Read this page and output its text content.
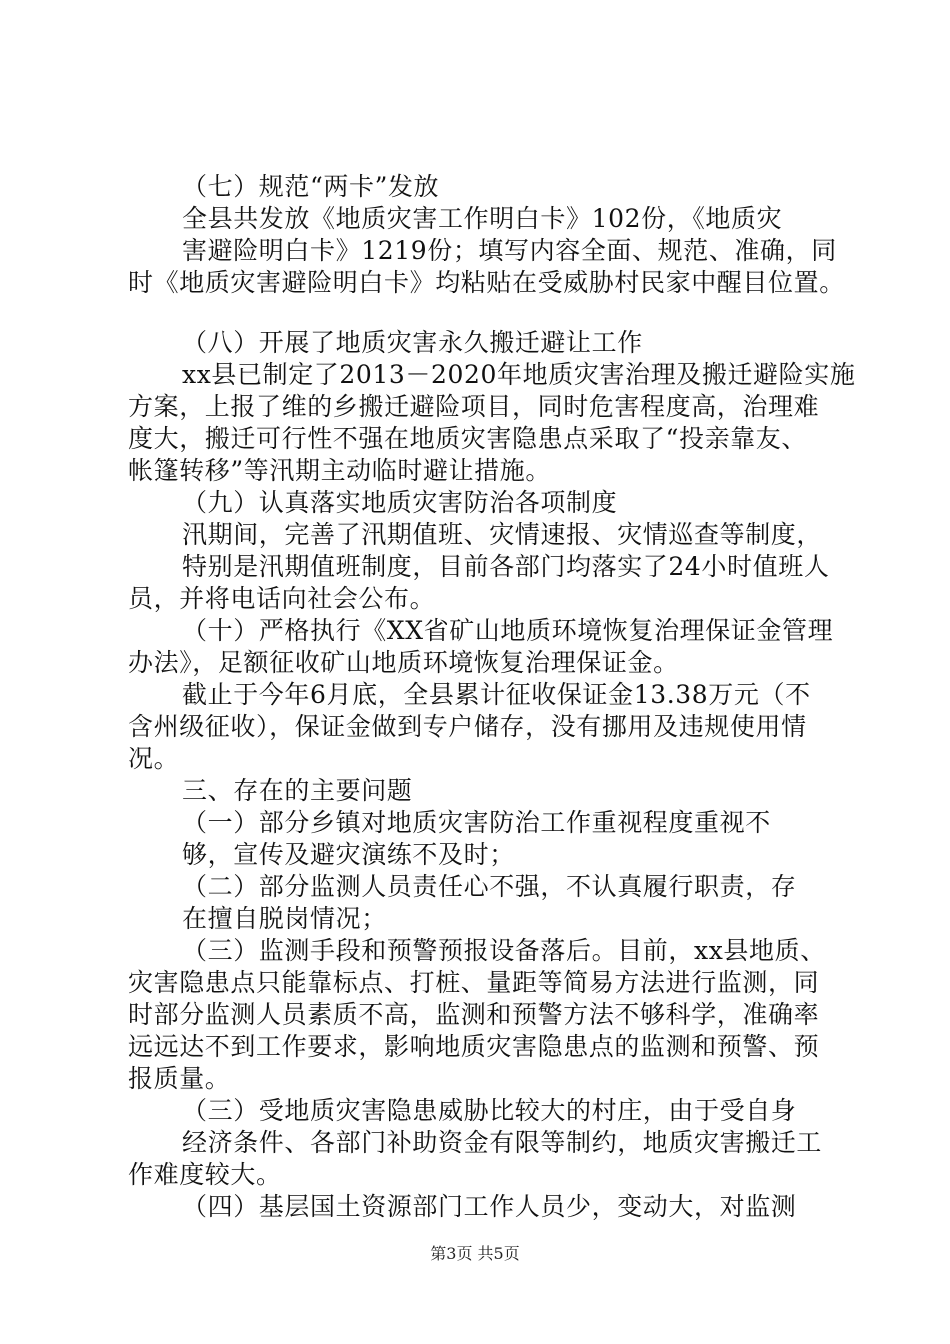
（七）规范“两卡”发放
全县共发放《地质灾害工作明白卡》102份，《地质灾
害避险明白卡》1219份；填写内容全面、规范、准确，同
时《地质灾害避险明白卡》均粘贴在受威胁村民家中醒目位置。
（八）开展了地质灾害永久搬迁避让工作
xx县已制定了2013－2020年地质灾害治理及搬迁避险实施
方案，上报了维的乡搬迁避险项目，同时危害程度高，治理难
度大，搬迁可行性不强在地质灾害隐患点采取了“投亲靠友、
帐篷转移”等汛期主动临时避让措施。
（九）认真落实地质灾害防治各项制度
汛期间，完善了汛期值班、灾情速报、灾情巡查等制度，
特别是汛期值班制度，目前各部门均落实了24小时值班人
员，并将电话向社会公布。
（十）严格执行《XX省矿山地质环境恢复治理保证金管理
办法》，足额征收矿山地质环境恢复治理保证金。
截止于今年6月底，全县累计征收保证金13.38万元（不
含州级征收），保证金做到专户储存，没有挪用及违规使用情
况。
三、存在的主要问题
（一）部分乡镇对地质灾害防治工作重视程度重视不
够，宣传及避灾演练不及时；
（二）部分监测人员责任心不强，不认真履行职责，存
在擅自脱岗情况；
（三）监测手段和预警预报设备落后。目前，xx县地质、
灾害隐患点只能靠标点、打桩、量距等简易方法进行监测，同
时部分监测人员素质不高，监测和预警方法不够科学，准确率
远远达不到工作要求，影响地质灾害隐患点的监测和预警、预
报质量。
（三）受地质灾害隐患威胁比较大的村庄，由于受自身
经济条件、各部门补助资金有限等制约，地质灾害搬迁工
作难度较大。
（四）基层国土资源部门工作人员少，变动大，对监测
第3页 共5页
